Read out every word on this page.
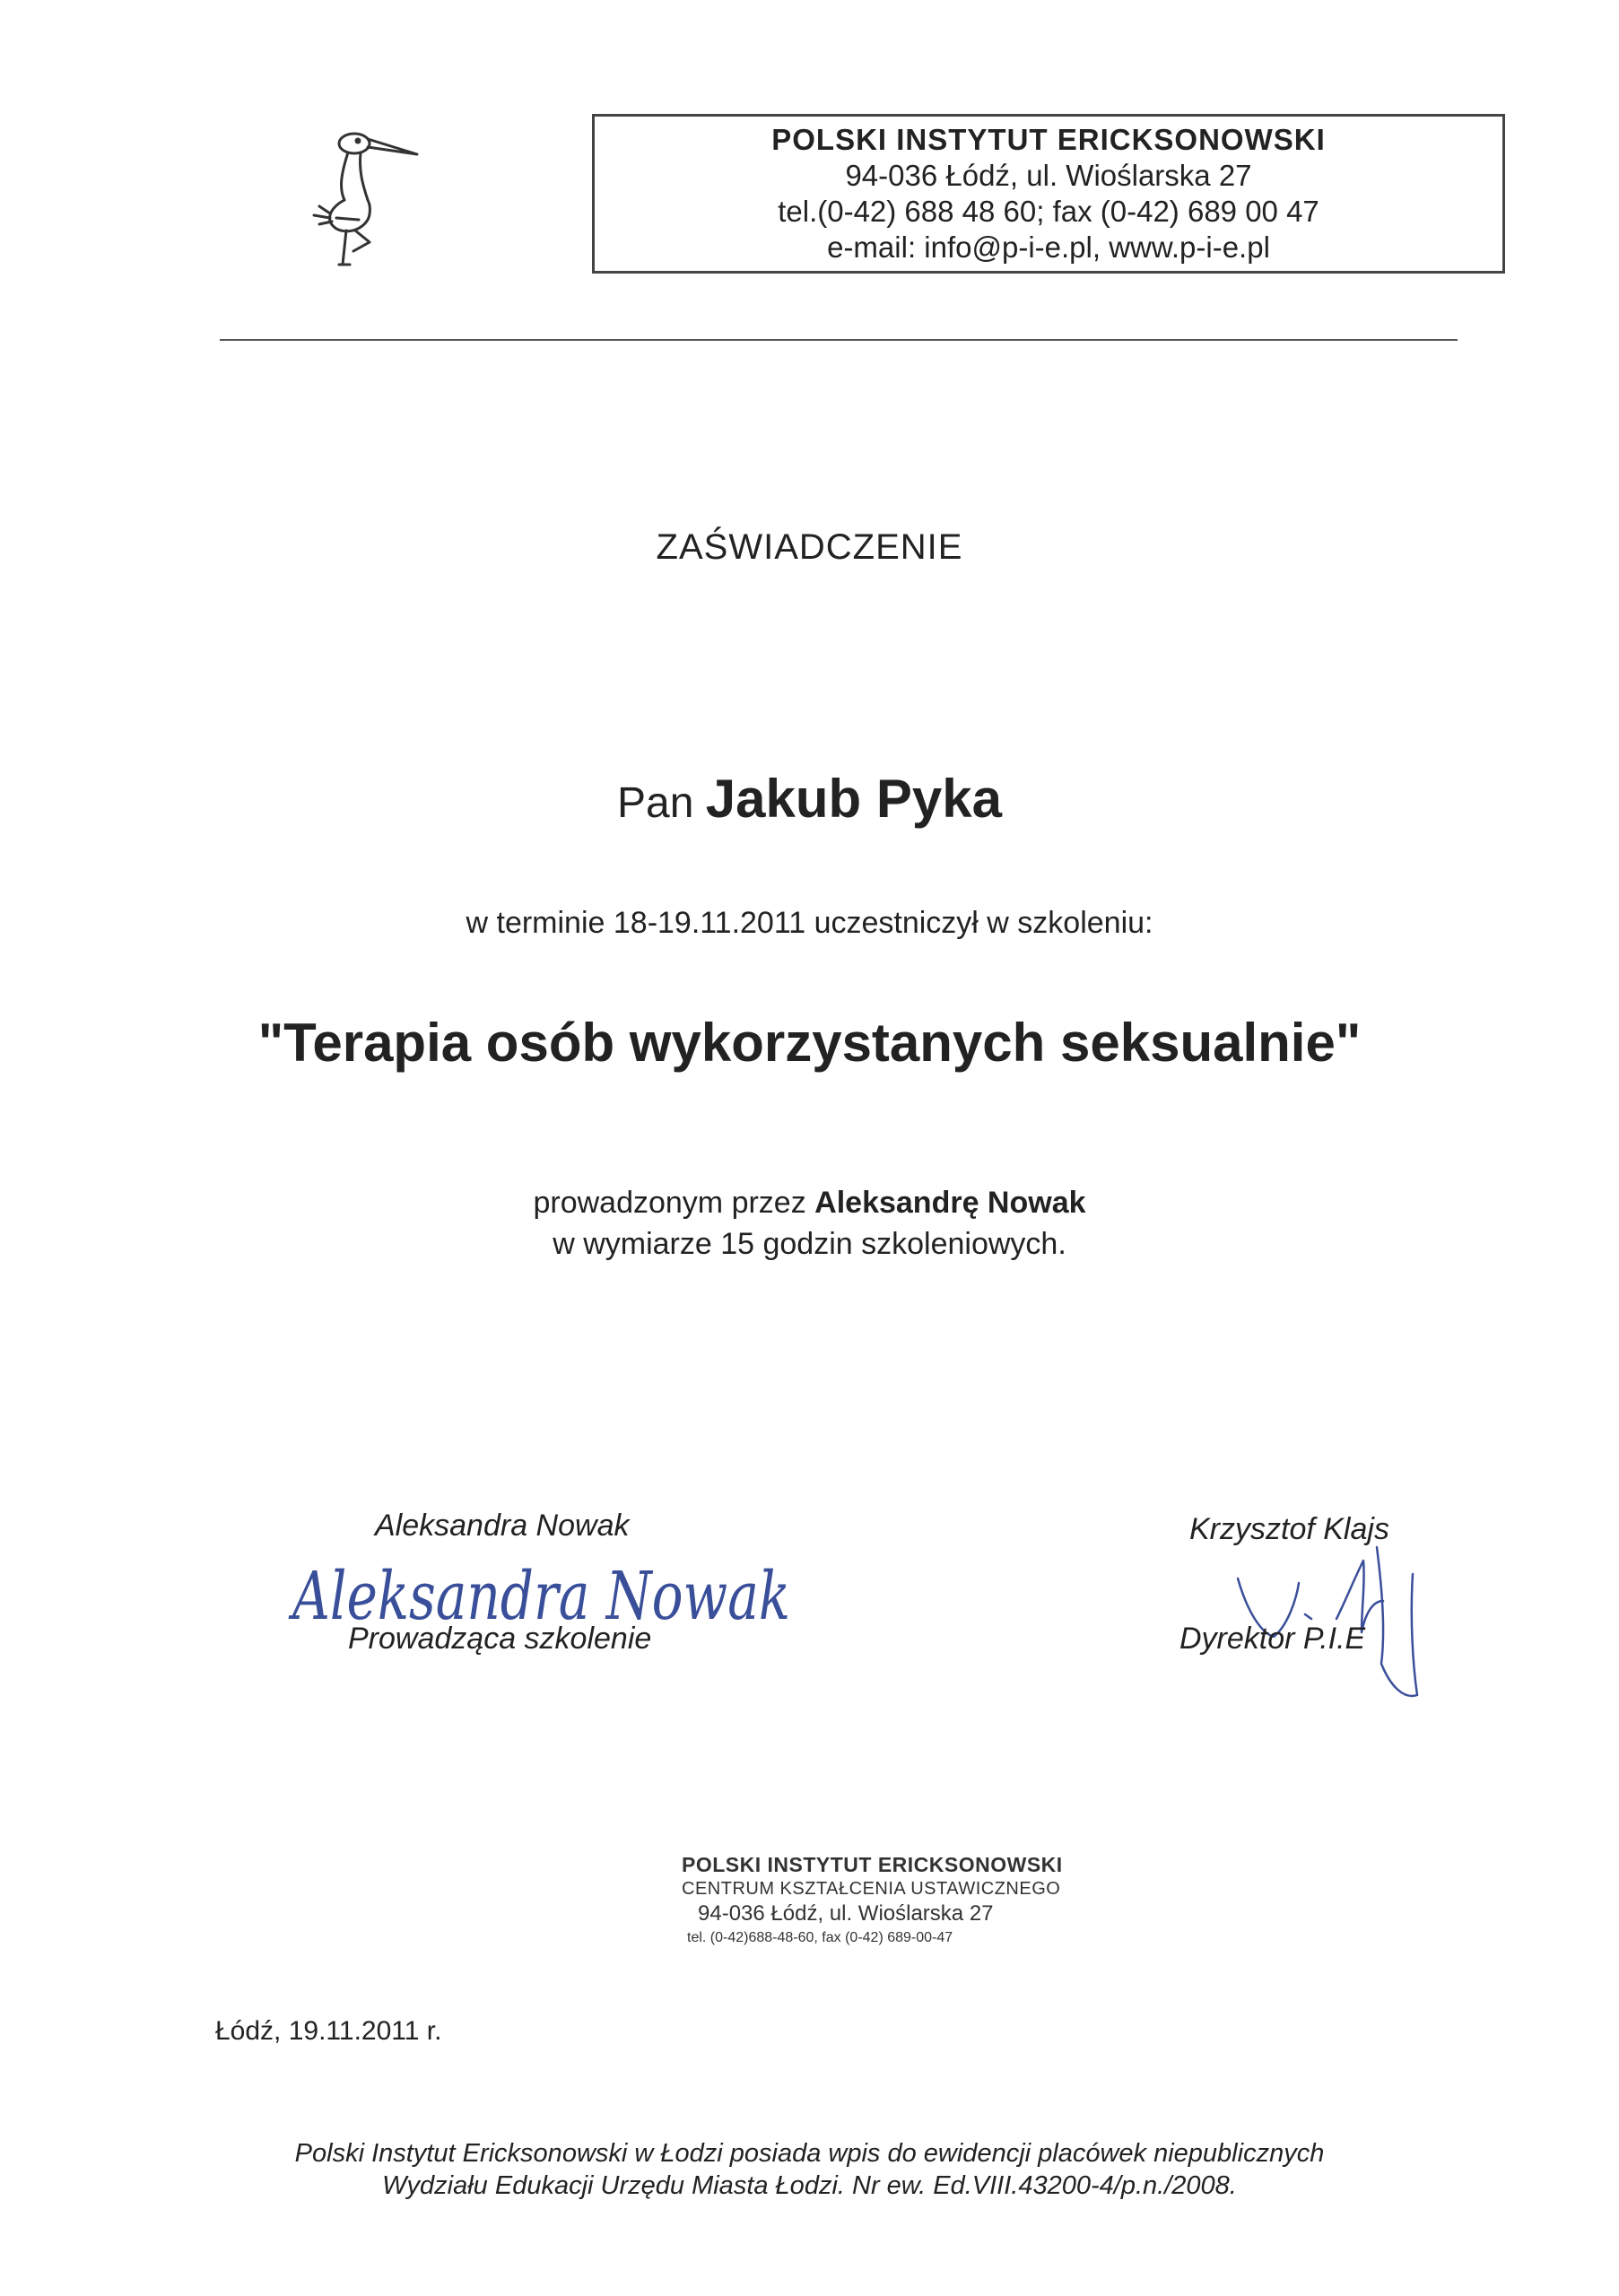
POLSKI INSTYTUT ERICKSONOWSKI
94-036 Łódź, ul. Wioślarska 27
tel.(0-42) 688 48 60; fax (0-42) 689 00 47
e-mail: info@p-i-e.pl, www.p-i-e.pl
ZAŚWIADCZENIE
Pan Jakub Pyka
w terminie 18-19.11.2011 uczestniczył w szkoleniu:
"Terapia osób wykorzystanych seksualnie"
prowadzonym przez Aleksandrę Nowak
w wymiarze 15 godzin szkoleniowych.
Aleksandra Nowak
Aleksandra Nowak
Prowadząca szkolenie
Krzysztof Klajs
Dyrektor P.I.E
POLSKI INSTYTUT ERICKSONOWSKI
CENTRUM KSZTAŁCENIA USTAWICZNEGO
94-036 Łódź, ul. Wioślarska 27
tel. (0-42)688-48-60, fax (0-42) 689-00-47
Łódź, 19.11.2011 r.
Polski Instytut Ericksonowski w Łodzi posiada wpis do ewidencji placówek niepublicznych
Wydziału Edukacji Urzędu Miasta Łodzi. Nr ew. Ed.VIII.43200-4/p.n./2008.
